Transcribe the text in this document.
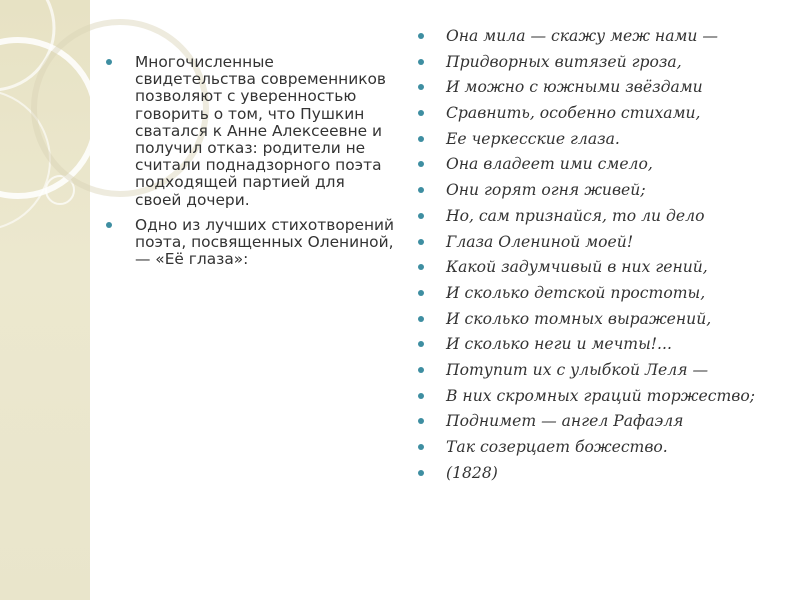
Многочисленные свидетельства современников позволяют с уверенностью говорить о том, что Пушкин сватался к Анне Алексеевне и получил отказ: родители не считали поднадзорного поэта подходящей партией для своей дочери.
Одно из лучших стихотворений поэта, посвященных Олениной, — «Её глаза»:
Она мила — скажу меж нами —
Придворных витязей гроза,
И можно с южными звёздами
Сравнить, особенно стихами,
Ее черкесские глаза.
Она владеет ими смело,
Они горят огня живей;
Но, сам признайся, то ли дело
Глаза Олениной моей!
Какой задумчивый в них гений,
И сколько детской простоты,
И сколько томных выражений,
И сколько неги и мечты!...
Потупит их с улыбкой Леля —
В них скромных граций торжество;
Поднимет — ангел Рафаэля
Так созерцает божество.
(1828)
